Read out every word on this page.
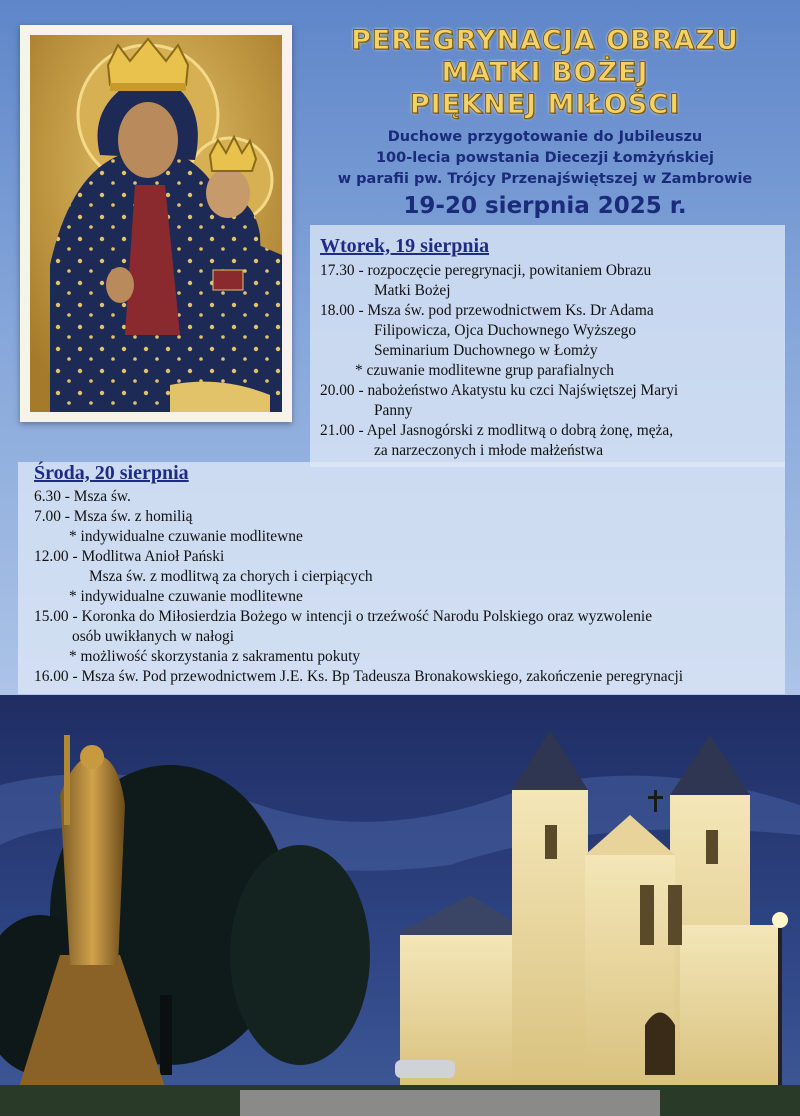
PEREGRYNACJA OBRAZU
MATKI BOŻEJ
PIĘKNEJ MIŁOŚCI
Duchowe przygotowanie do Jubileuszu
100-lecia powstania Diecezji Łomżyńskiej
w parafii pw. Trójcy Przenajświętszej w Zambrowie
19-20 sierpnia 2025 r.
Wtorek, 19 sierpnia
17.30 - rozpoczęcie peregrynacji, powitaniem Obrazu
Matki Bożej
18.00 - Msza św. pod przewodnictwem Ks. Dr Adama
Filipowicza, Ojca Duchownego Wyższego
Seminarium Duchownego w Łomży
* czuwanie modlitewne grup parafialnych
20.00 - nabożeństwo Akatystu ku czci Najświętszej Maryi
Panny
21.00 - Apel Jasnogórski z modlitwą o dobrą żonę, męża,
za narzeczonych i młode małżeństwa
Środa, 20 sierpnia
6.30 - Msza św.
7.00 - Msza św. z homilią
* indywidualne czuwanie modlitewne
12.00 - Modlitwa Anioł Pański
Msza św. z modlitwą za chorych i cierpiących
* indywidualne czuwanie modlitewne
15.00 - Koronka do Miłosierdzia Bożego w intencji o trzeźwość Narodu Polskiego oraz wyzwolenie
osób uwikłanych w nałogi
* możliwość skorzystania z sakramentu pokuty
16.00 - Msza św. Pod przewodnictwem J.E. Ks. Bp Tadeusza Bronakowskiego, zakończenie peregrynacji
